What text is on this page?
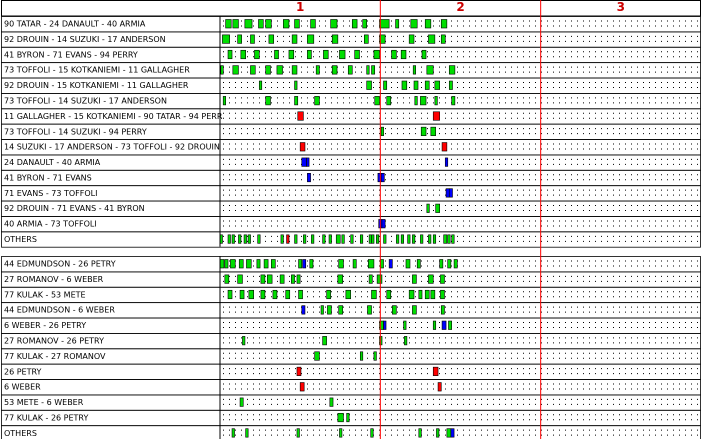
1	2	3
90 TATAR - 24 DANAULT - 40 ARMIA
92 DROUIN - 14 SUZUKI - 17 ANDERSON
41 BYRON - 71 EVANS - 94 PERRY
73 TOFFOLI - 15 KOTKANIEMI - 11 GALLAGHER
92 DROUIN - 15 KOTKANIEMI - 11 GALLAGHER
73 TOFFOLI - 14 SUZUKI - 17 ANDERSON
11 GALLAGHER - 15 KOTKANIEMI - 90 TATAR - 94 PERR
73 TOFFOLI - 14 SUZUKI - 94 PERRY
14 SUZUKI - 17 ANDERSON - 73 TOFFOLI - 92 DROUIN
24 DANAULT - 40 ARMIA
41 BYRON - 71 EVANS
71 EVANS - 73 TOFFOLI
92 DROUIN - 71 EVANS - 41 BYRON
40 ARMIA - 73 TOFFOLI
OTHERS
44 EDMUNDSON - 26 PETRY
27 ROMANOV - 6 WEBER
77 KULAK - 53 METE
44 EDMUNDSON - 6 WEBER
6 WEBER - 26 PETRY
27 ROMANOV - 26 PETRY
77 KULAK - 27 ROMANOV
26 PETRY
6 WEBER
53 METE - 6 WEBER
77 KULAK - 26 PETRY
OTHERS
